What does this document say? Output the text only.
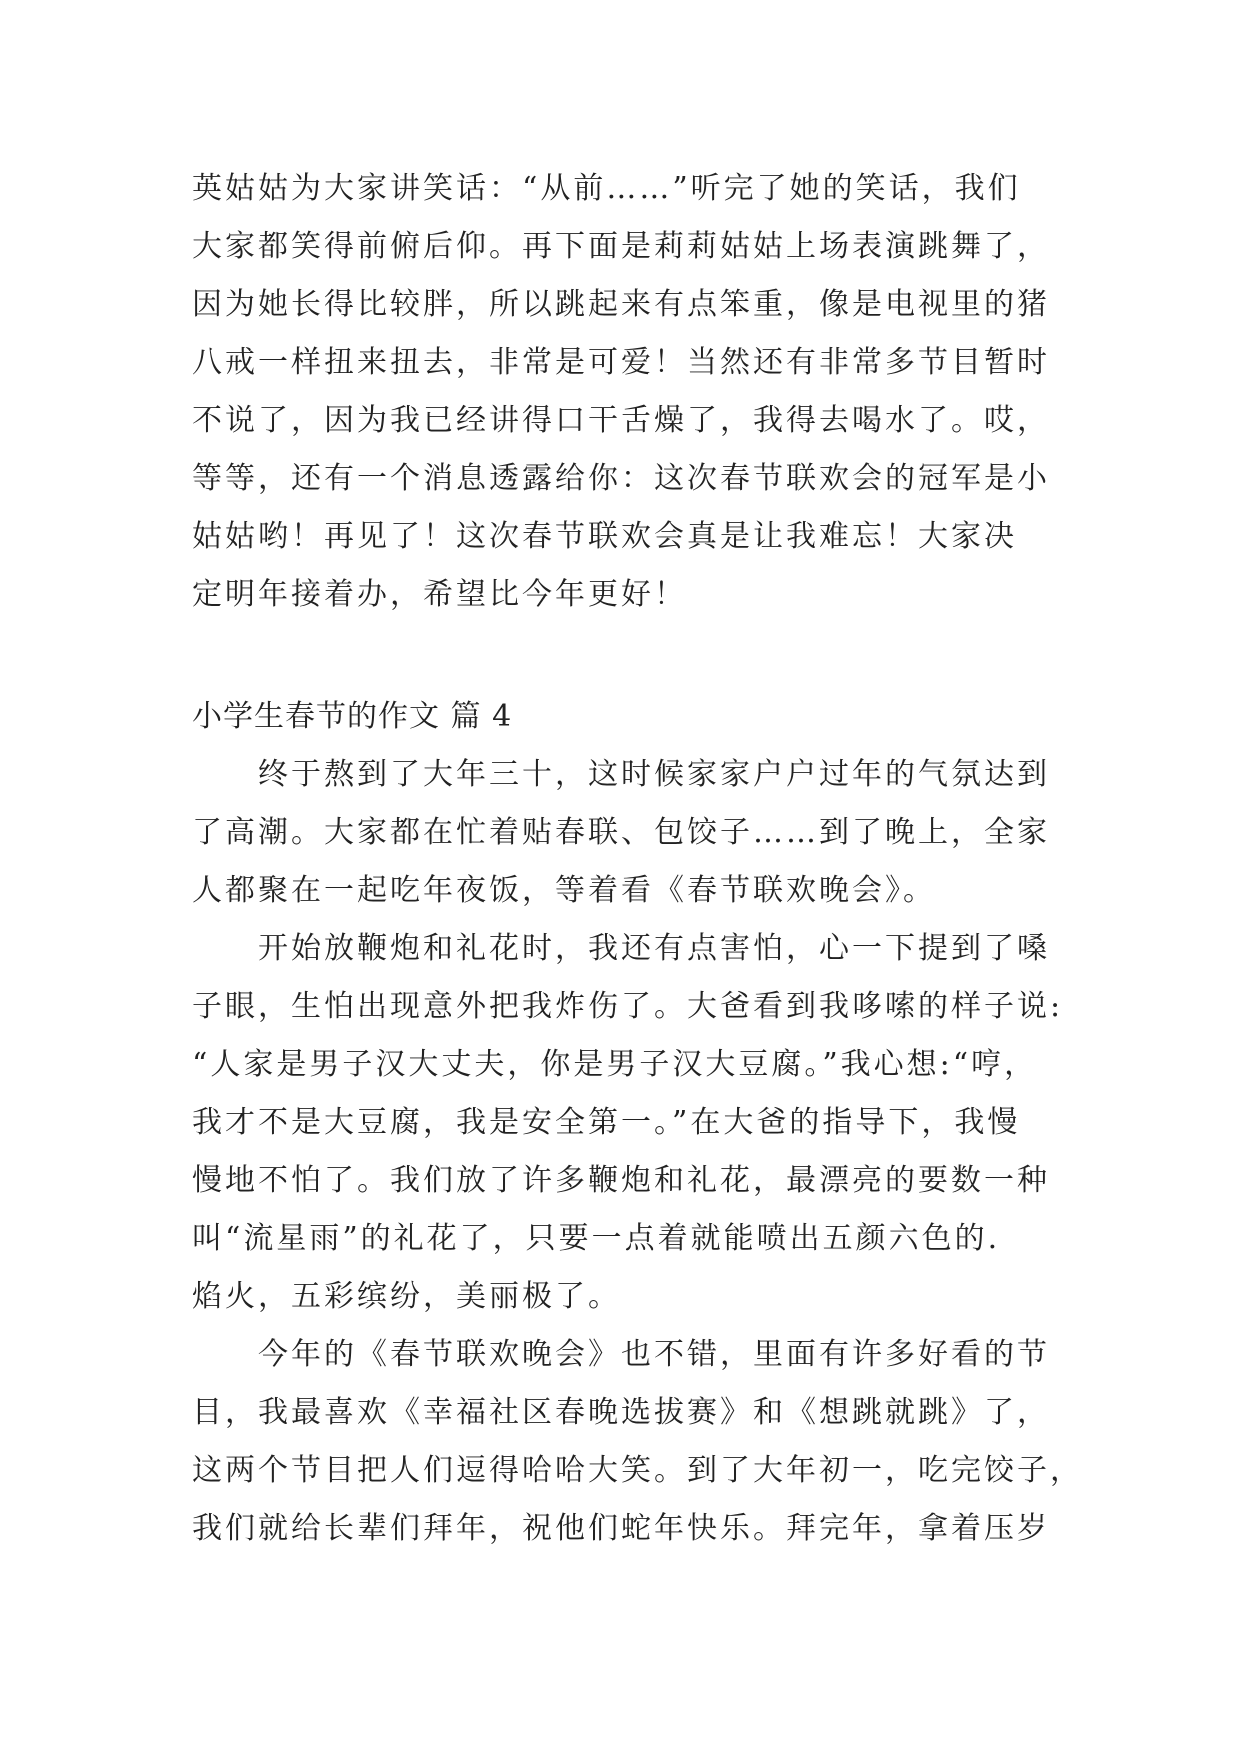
英姑姑为大家讲笑话：“从前……”听完了她的笑话，我们
大家都笑得前俯后仰。再下面是莉莉姑姑上场表演跳舞了，
因为她长得比较胖，所以跳起来有点笨重，像是电视里的猪
八戒一样扭来扭去，非常是可爱！当然还有非常多节目暂时
不说了，因为我已经讲得口干舌燥了，我得去喝水了。哎，
等等，还有一个消息透露给你：这次春节联欢会的冠军是小
姑姑哟！再见了！这次春节联欢会真是让我难忘！大家决
定明年接着办，希望比今年更好！
小学生春节的作文 篇 4
　　终于熬到了大年三十，这时候家家户户过年的气氛达到
了高潮。大家都在忙着贴春联、包饺子……到了晚上，全家
人都聚在一起吃年夜饭，等着看《春节联欢晚会》。
　　开始放鞭炮和礼花时，我还有点害怕，心一下提到了嗓
子眼，生怕出现意外把我炸伤了。大爸看到我哆嗦的样子说:
“人家是男子汉大丈夫，你是男子汉大豆腐。”我心想:“哼，
我才不是大豆腐，我是安全第一。”在大爸的指导下，我慢
慢地不怕了。我们放了许多鞭炮和礼花，最漂亮的要数一种
叫“流星雨”的礼花了，只要一点着就能喷出五颜六色的.
焰火，五彩缤纷，美丽极了。
　　今年的《春节联欢晚会》也不错，里面有许多好看的节
目，我最喜欢《幸福社区春晚选拔赛》和《想跳就跳》了，
这两个节目把人们逗得哈哈大笑。到了大年初一，吃完饺子，
我们就给长辈们拜年，祝他们蛇年快乐。拜完年，拿着压岁
